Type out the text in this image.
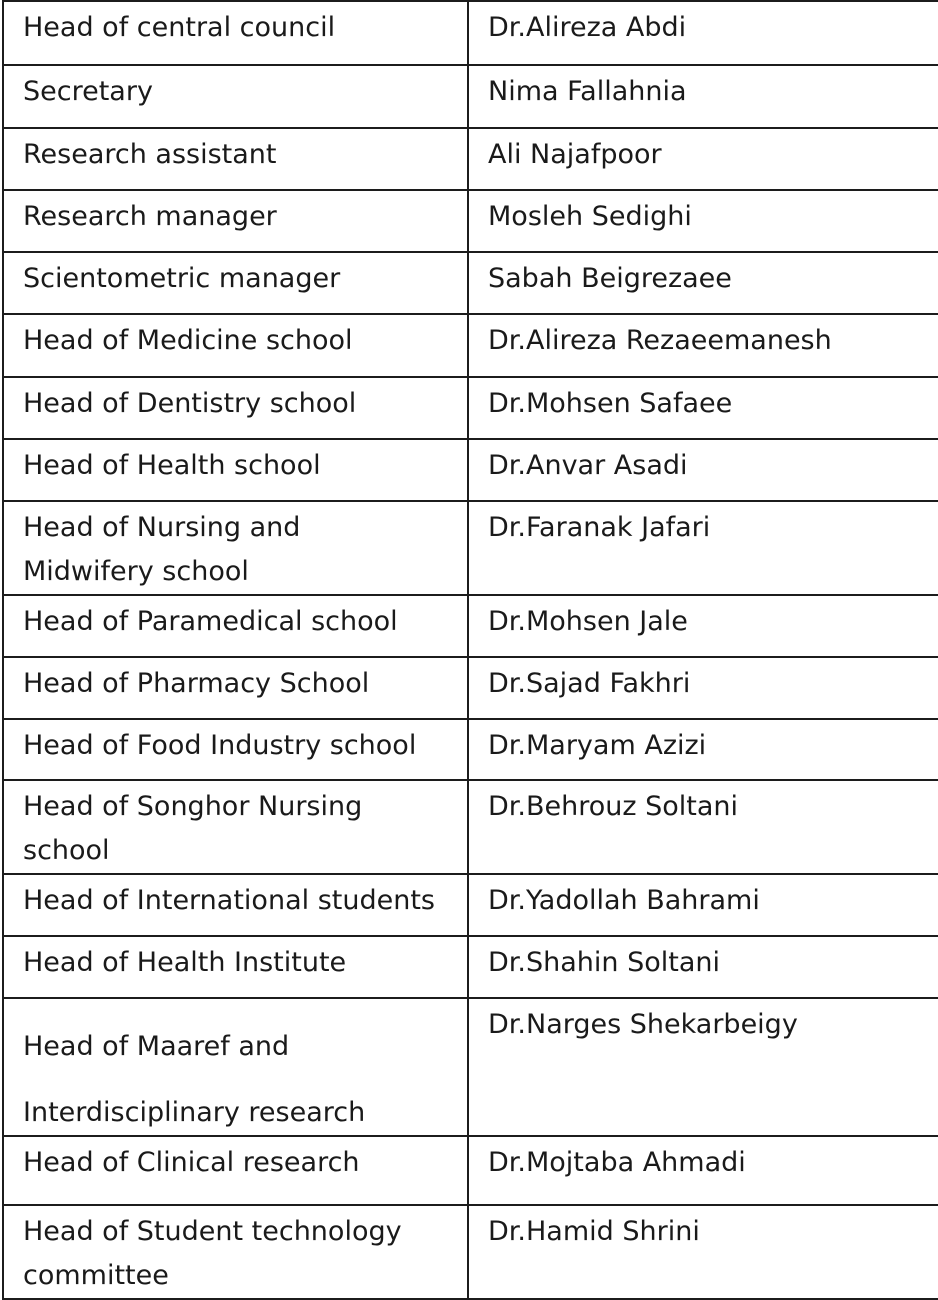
Head of central council	Dr.Alireza Abdi

Secretary	Nima Fallahnia

Research assistant	Ali Najafpoor

Research manager	Mosleh Sedighi

Scientometric manager	Sabah Beigrezaee

Head of Medicine school	Dr.Alireza Rezaeemanesh

Head of Dentistry school	Dr.Mohsen Safaee

Head of Health school	Dr.Anvar Asadi

Head of Nursing and
Midwifery school	Dr.Faranak Jafari

Head of Paramedical school	Dr.Mohsen Jale

Head of Pharmacy School	Dr.Sajad Fakhri

Head of Food Industry school	Dr.Maryam Azizi

Head of Songhor Nursing
school	Dr.Behrouz Soltani

Head of International students	Dr.Yadollah Bahrami

Head of Health Institute	Dr.Shahin Soltani

Head of Maaref and
Interdisciplinary research	Dr.Narges Shekarbeigy

Head of Clinical research	Dr.Mojtaba Ahmadi

Head of Student technology
committee	Dr.Hamid Shrini
